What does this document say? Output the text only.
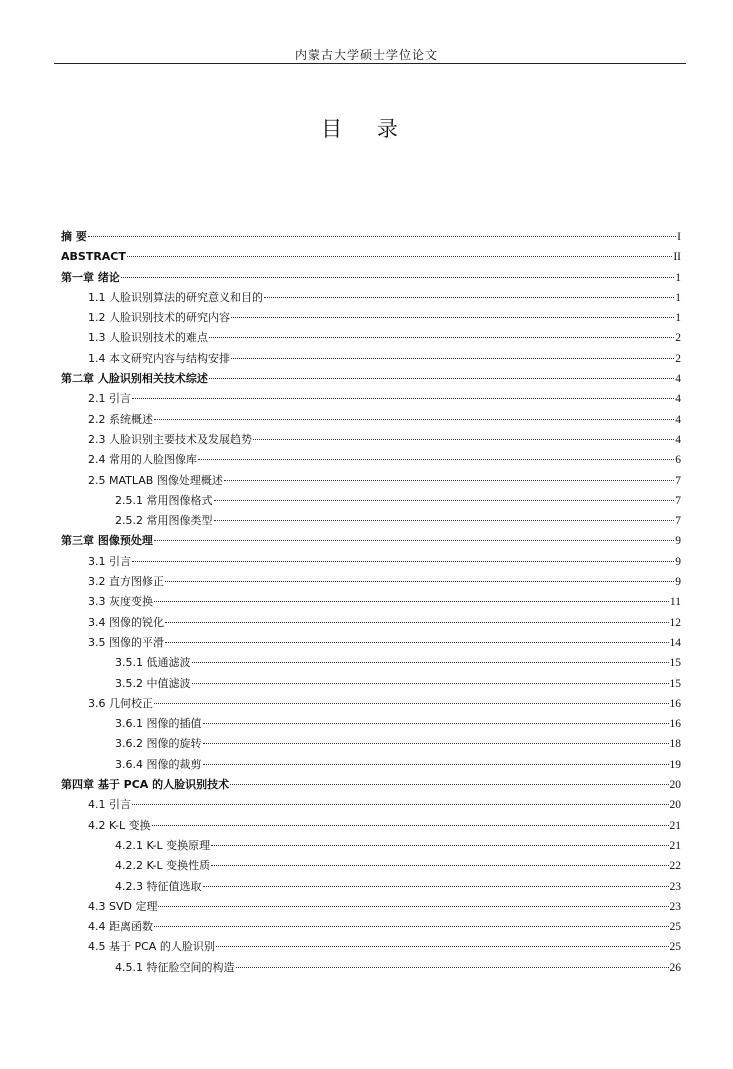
内蒙古大学硕士学位论文
目 录
摘 要	I
ABSTRACT	II
第一章 绪论	1
1.1 人脸识别算法的研究意义和目的	1
1.2 人脸识别技术的研究内容	1
1.3 人脸识别技术的难点	2
1.4 本文研究内容与结构安排	2
第二章 人脸识别相关技术综述	4
2.1 引言	4
2.2 系统概述	4
2.3 人脸识别主要技术及发展趋势	4
2.4 常用的人脸图像库	6
2.5 MATLAB 图像处理概述	7
2.5.1 常用图像格式	7
2.5.2 常用图像类型	7
第三章 图像预处理	9
3.1 引言	9
3.2 直方图修正	9
3.3 灰度变换	11
3.4 图像的锐化	12
3.5 图像的平滑	14
3.5.1 低通滤波	15
3.5.2 中值滤波	15
3.6 几何校正	16
3.6.1 图像的插值	16
3.6.2 图像的旋转	18
3.6.4 图像的裁剪	19
第四章 基于 PCA 的人脸识别技术	20
4.1 引言	20
4.2 K-L 变换	21
4.2.1 K-L 变换原理	21
4.2.2 K-L 变换性质	22
4.2.3 特征值选取	23
4.3 SVD 定理	23
4.4 距离函数	25
4.5 基于 PCA 的人脸识别	25
4.5.1 特征脸空间的构造	26
